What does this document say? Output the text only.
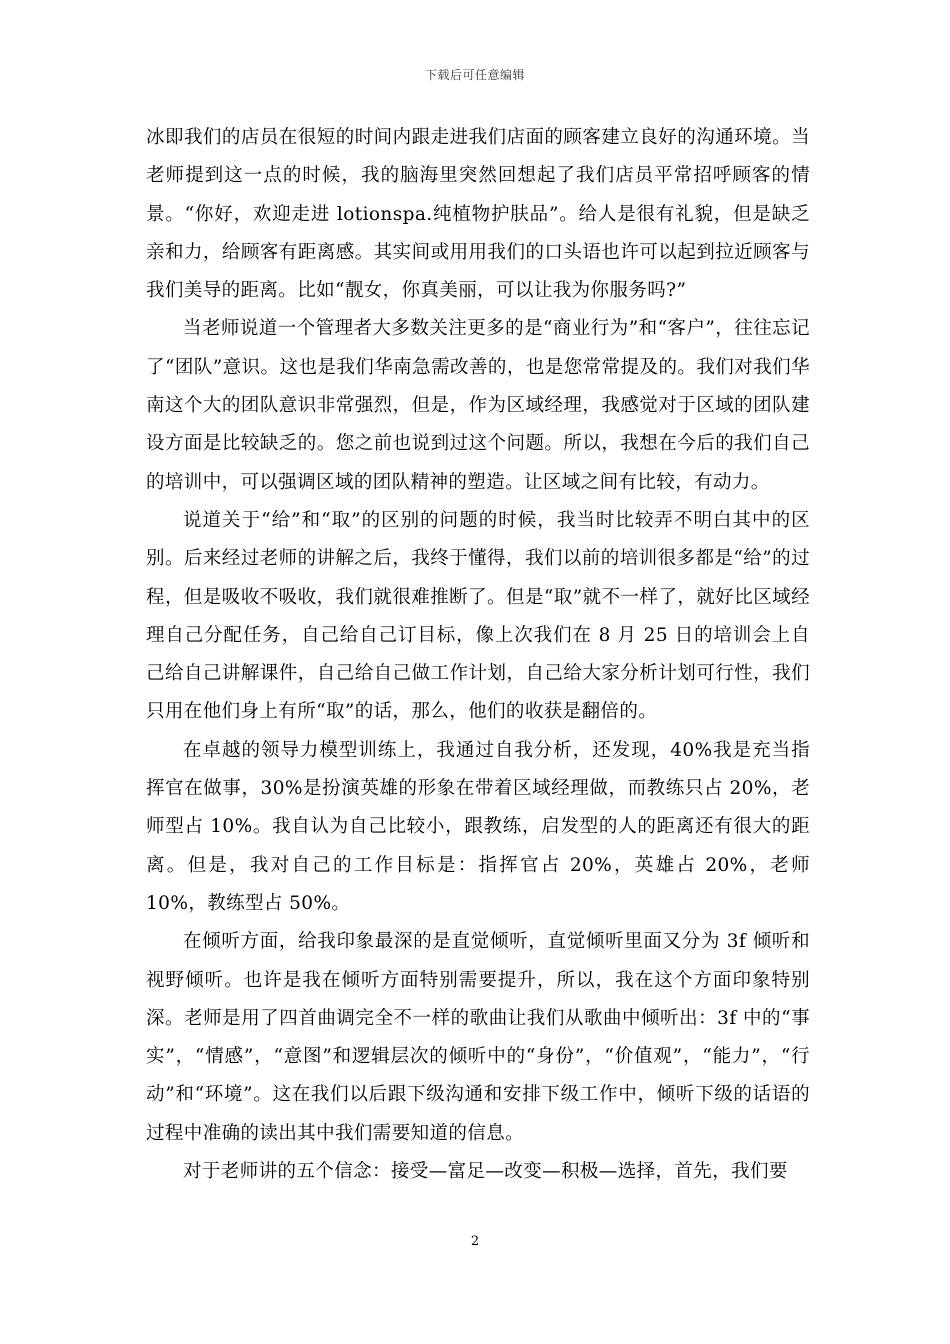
下载后可任意编辑

冰即我们的店员在很短的时间内跟走进我们店面的顾客建立良好的沟通环境。当老师提到这一点的时候，我的脑海里突然回想起了我们店员平常招呼顾客的情景。“你好，欢迎走进 lotionspa.纯植物护肤品”。给人是很有礼貌，但是缺乏亲和力，给顾客有距离感。其实间或用用我们的口头语也许可以起到拉近顾客与我们美导的距离。比如“靓女，你真美丽，可以让我为你服务吗?”

当老师说道一个管理者大多数关注更多的是“商业行为”和“客户”，往往忘记了“团队”意识。这也是我们华南急需改善的，也是您常常提及的。我们对我们华南这个大的团队意识非常强烈，但是，作为区域经理，我感觉对于区域的团队建设方面是比较缺乏的。您之前也说到过这个问题。所以，我想在今后的我们自己的培训中，可以强调区域的团队精神的塑造。让区域之间有比较，有动力。

说道关于“给”和“取”的区别的问题的时候，我当时比较弄不明白其中的区别。后来经过老师的讲解之后，我终于懂得，我们以前的培训很多都是“给”的过程，但是吸收不吸收，我们就很难推断了。但是“取”就不一样了，就好比区域经理自己分配任务，自己给自己订目标，像上次我们在 8 月 25 日的培训会上自己给自己讲解课件，自己给自己做工作计划，自己给大家分析计划可行性，我们只用在他们身上有所“取”的话，那么，他们的收获是翻倍的。

在卓越的领导力模型训练上，我通过自我分析，还发现，40%我是充当指挥官在做事，30%是扮演英雄的形象在带着区域经理做，而教练只占 20%，老师型占 10%。我自认为自己比较小，跟教练，启发型的人的距离还有很大的距离。但是，我对自己的工作目标是：指挥官占 20%，英雄占 20%，老师 10%，教练型占 50%。

在倾听方面，给我印象最深的是直觉倾听，直觉倾听里面又分为 3f 倾听和视野倾听。也许是我在倾听方面特别需要提升，所以，我在这个方面印象特别深。老师是用了四首曲调完全不一样的歌曲让我们从歌曲中倾听出：3f 中的“事实”，“情感”，“意图”和逻辑层次的倾听中的“身份”，“价值观”，“能力”，“行动”和“环境”。这在我们以后跟下级沟通和安排下级工作中，倾听下级的话语的过程中准确的读出其中我们需要知道的信息。

对于老师讲的五个信念：接受—富足—改变—积极—选择，首先，我们要

2
